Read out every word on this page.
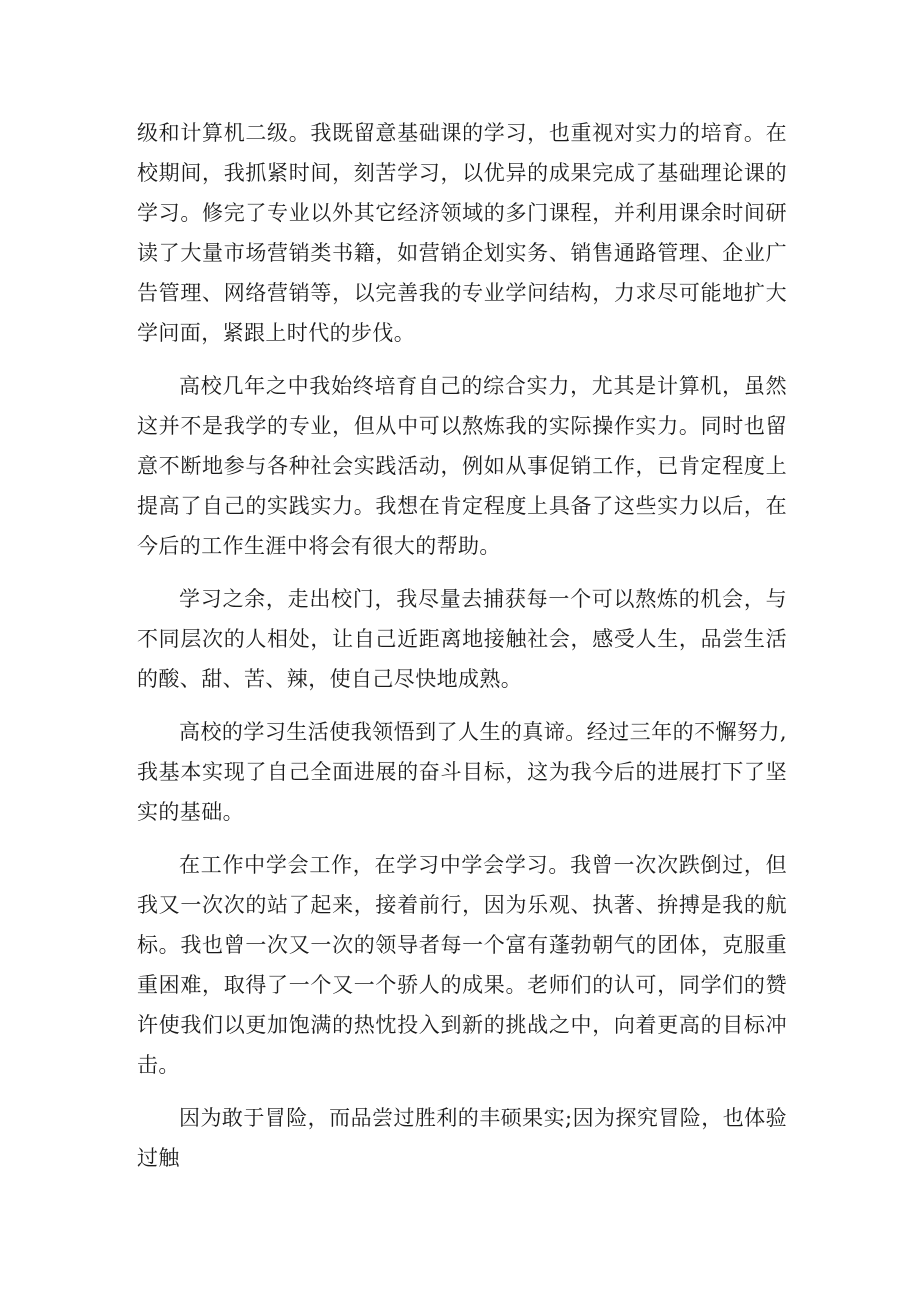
级和计算机二级。我既留意基础课的学习，也重视对实力的培育。在校期间，我抓紧时间，刻苦学习，以优异的成果完成了基础理论课的学习。修完了专业以外其它经济领域的多门课程，并利用课余时间研读了大量市场营销类书籍，如营销企划实务、销售通路管理、企业广告管理、网络营销等，以完善我的专业学问结构，力求尽可能地扩大学问面，紧跟上时代的步伐。

高校几年之中我始终培育自己的综合实力，尤其是计算机，虽然这并不是我学的专业，但从中可以熬炼我的实际操作实力。同时也留意不断地参与各种社会实践活动，例如从事促销工作，已肯定程度上提高了自己的实践实力。我想在肯定程度上具备了这些实力以后，在今后的工作生涯中将会有很大的帮助。

学习之余，走出校门，我尽量去捕获每一个可以熬炼的机会，与不同层次的人相处，让自己近距离地接触社会，感受人生，品尝生活的酸、甜、苦、辣，使自己尽快地成熟。

高校的学习生活使我领悟到了人生的真谛。经过三年的不懈努力,我基本实现了自己全面进展的奋斗目标，这为我今后的进展打下了坚实的基础。

在工作中学会工作，在学习中学会学习。我曾一次次跌倒过，但我又一次次的站了起来，接着前行，因为乐观、执著、拚搏是我的航标。我也曾一次又一次的领导者每一个富有蓬勃朝气的团体，克服重重困难，取得了一个又一个骄人的成果。老师们的认可，同学们的赞许使我们以更加饱满的热忱投入到新的挑战之中，向着更高的目标冲击。

因为敢于冒险，而品尝过胜利的丰硕果实;因为探究冒险，也体验过触
